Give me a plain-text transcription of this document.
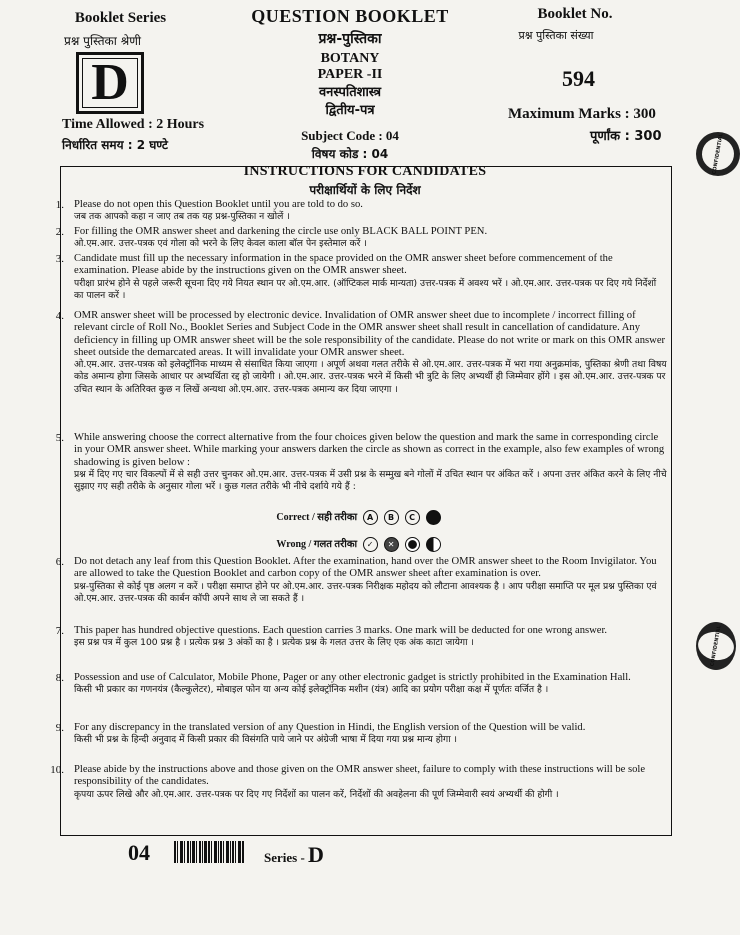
Booklet Series
प्रश्न पुस्तिका श्रेणी
D
Time Allowed : 2 Hours
निर्धारित समय : 2 घण्टे
QUESTION BOOKLET
प्रश्न-पुस्तिका
BOTANY
PAPER -II
वनस्पतिशास्त्र
द्वितीय-पत्र
Subject Code : 04
विषय कोड : 04
Booklet No.
प्रश्न पुस्तिका संख्या
594
Maximum Marks : 300
पूर्णांक : 300	CONFIDENTIAL
CONFIDENTIAL
INSTRUCTIONS FOR CANDIDATES
परीक्षार्थियों के लिए निर्देश
1. Please do not open this Question Booklet until you are told to do so.
जब तक आपको कहा न जाए तब तक यह प्रश्न-पुस्तिका न खोलें ।
2. For filling the OMR answer sheet and darkening the circle use only BLACK BALL POINT PEN.
ओ.एम.आर. उत्तर-पत्रक एवं गोला को भरने के लिए केवल काला बॉल पेन इस्तेमाल करें ।
3. Candidate must fill up the necessary information in the space provided on the OMR answer sheet before commencement of the examination. Please abide by the instructions given on the OMR answer sheet.
परीक्षा प्रारंभ होने से पहले जरूरी सूचना दिए गये नियत स्थान पर ओ.एम.आर. (ऑप्टिकल मार्क मान्यता) उत्तर-पत्रक में अवश्य भरें । ओ.एम.आर. उत्तर-पत्रक पर दिए गये निर्देशों का पालन करें ।
4. OMR answer sheet will be processed by electronic device. Invalidation of OMR answer sheet due to incomplete / incorrect filling of relevant circle of Roll No., Booklet Series and Subject Code in the OMR answer sheet shall result in cancellation of candidature. Any deficiency in filling up OMR answer sheet will be the sole responsibility of the candidate. Please do not write or mark on this OMR answer sheet outside the demarcated areas. It will invalidate your OMR answer sheet.
ओ.एम.आर. उत्तर-पत्रक को इलेक्ट्रॉनिक माध्यम से संसाधित किया जाएगा । अपूर्ण अथवा गलत तरीके से ओ.एम.आर. उत्तर-पत्रक में भरा गया अनुक्रमांक, पुस्तिका श्रेणी तथा विषय कोड अमान्य होगा जिसके आधार पर अभ्यर्थिता रद्द हो जायेगी । ओ.एम.आर. उत्तर-पत्रक भरने में किसी भी त्रुटि के लिए अभ्यर्थी ही जिम्मेवार होंगे । इस ओ.एम.आर. उत्तर-पत्रक पर उचित स्थान के अतिरिक्त कुछ न लिखें अन्यथा ओ.एम.आर. उत्तर-पत्रक अमान्य कर दिया जाएगा ।
5. While answering choose the correct alternative from the four choices given below the question and mark the same in corresponding circle in your OMR answer sheet. While marking your answers darken the circle as shown as correct in the example, also few examples of wrong shadowing is given below :
प्रश्न में दिए गए चार विकल्पों में से सही उत्तर चुनकर ओ.एम.आर. उत्तर-पत्रक में उसी प्रश्न के सम्मुख बने गोलों में उचित स्थान पर अंकित करें । अपना उत्तर अंकित करने के लिए नीचे सुझाए गए सही तरीके के अनुसार गोला भरें । कुछ गलत तरीके भी नीचे दर्शाये गये हैं :
Correct / सही तरीका A B C
Wrong / गलत तरीका ✓ ✕
6. Do not detach any leaf from this Question Booklet. After the examination, hand over the OMR answer sheet to the Room Invigilator. You are allowed to take the Question Booklet and carbon copy of the OMR answer sheet after examination is over.
प्रश्न-पुस्तिका से कोई पृष्ठ अलग न करें । परीक्षा समाप्त होने पर ओ.एम.आर. उत्तर-पत्रक निरीक्षक महोदय को लौटाना आवश्यक है । आप परीक्षा समाप्ति पर मूल प्रश्न पुस्तिका एवं ओ.एम.आर. उत्तर-पत्रक की कार्बन कॉपी अपने साथ ले जा सकते हैं ।
7. This paper has hundred objective questions. Each question carries 3 marks. One mark will be deducted for one wrong answer.
इस प्रश्न पत्र में कुल 100 प्रश्न है । प्रत्येक प्रश्न 3 अंकों का है । प्रत्येक प्रश्न के गलत उत्तर के लिए एक अंक काटा जायेगा ।
8. Possession and use of Calculator, Mobile Phone, Pager or any other electronic gadget is strictly prohibited in the Examination Hall.
किसी भी प्रकार का गणनयंत्र (कैल्कुलेटर), मोबाइल फोन या अन्य कोई इलेक्ट्रॉनिक मशीन (यंत्र) आदि का प्रयोग परीक्षा कक्ष में पूर्णतः वर्जित है ।
9. For any discrepancy in the translated version of any Question in Hindi, the English version of the Question will be valid.
किसी भी प्रश्न के हिन्दी अनुवाद में किसी प्रकार की विसंगति पाये जाने पर अंग्रेजी भाषा में दिया गया प्रश्न मान्य होगा ।
10. Please abide by the instructions above and those given on the OMR answer sheet, failure to comply with these instructions will be sole responsibility of the candidates.
कृपया ऊपर लिखे और ओ.एम.आर. उत्तर-पत्रक पर दिए गए निर्देशों का पालन करें, निर्देशों की अवहेलना की पूर्ण जिम्मेवारी स्वयं अभ्यर्थी की होगी ।
04	Series - D
